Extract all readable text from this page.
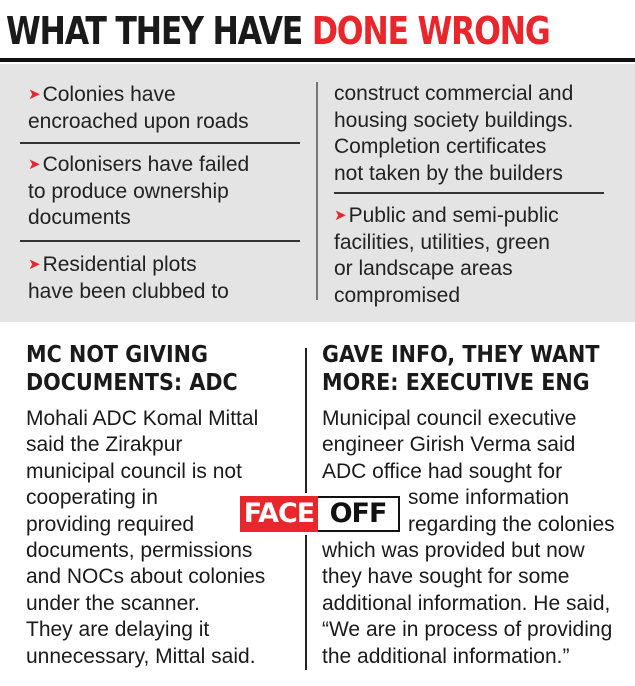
WHAT THEY HAVE DONE WRONG
➤Colonies have
encroached upon roads
➤Colonisers have failed
to produce ownership
documents
➤Residential plots
have been clubbed to
construct commercial and
housing society buildings.
Completion certificates
not taken by the builders
➤Public and semi-public
facilities, utilities, green
or landscape areas
compromised
MC NOT GIVING
DOCUMENTS: ADC
Mohali ADC Komal Mittal
said the Zirakpur
municipal council is not
cooperating in
providing required
documents, permissions
and NOCs about colonies
under the scanner.
They are delaying it
unnecessary, Mittal said.
GAVE INFO, THEY WANT
MORE: EXECUTIVE ENG
Municipal council executive
engineer Girish Verma said
ADC office had sought for
some information
regarding the colonies
which was provided but now
they have sought for some
additional information. He said,
“We are in process of providing
the additional information.”
FACE OFF
